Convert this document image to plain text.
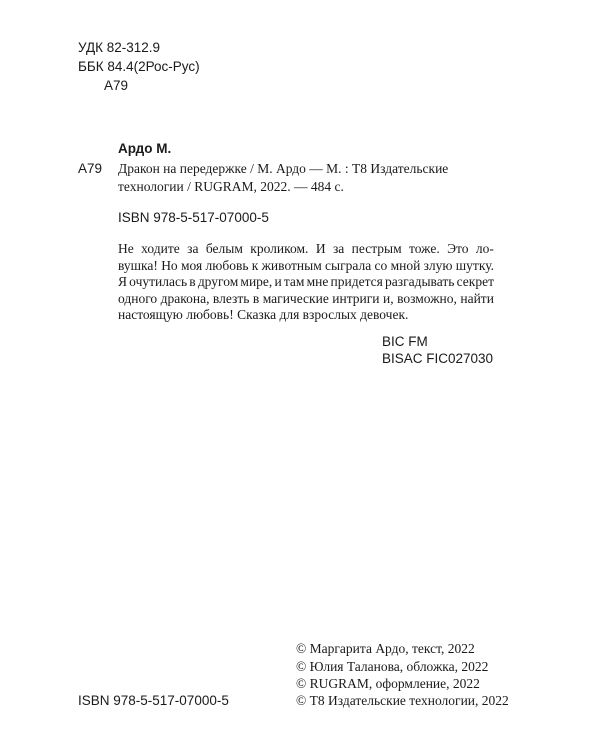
УДК 82-312.9
ББК 84.4(2Рос-Рус)
А79
Ардо М.
А79 Дракон на передержке / М. Ардо — М. : Т8 Издательские
технологии / RUGRAM, 2022. — 484 с.
ISBN 978-5-517-07000-5
Не ходите за белым кроликом. И за пестрым тоже. Это ло-
вушка! Но моя любовь к животным сыграла со мной злую шутку.
Я очутилась в другом мире, и там мне придется разгадывать секрет
одного дракона, влезть в магические интриги и, возможно, найти
настоящую любовь! Сказка для взрослых девочек.
BIC FM
BISAC FIC027030
ISBN 978-5-517-07000-5
© Маргарита Ардо, текст, 2022
© Юлия Таланова, обложка, 2022
© RUGRAM, оформление, 2022
© Т8 Издательские технологии, 2022
